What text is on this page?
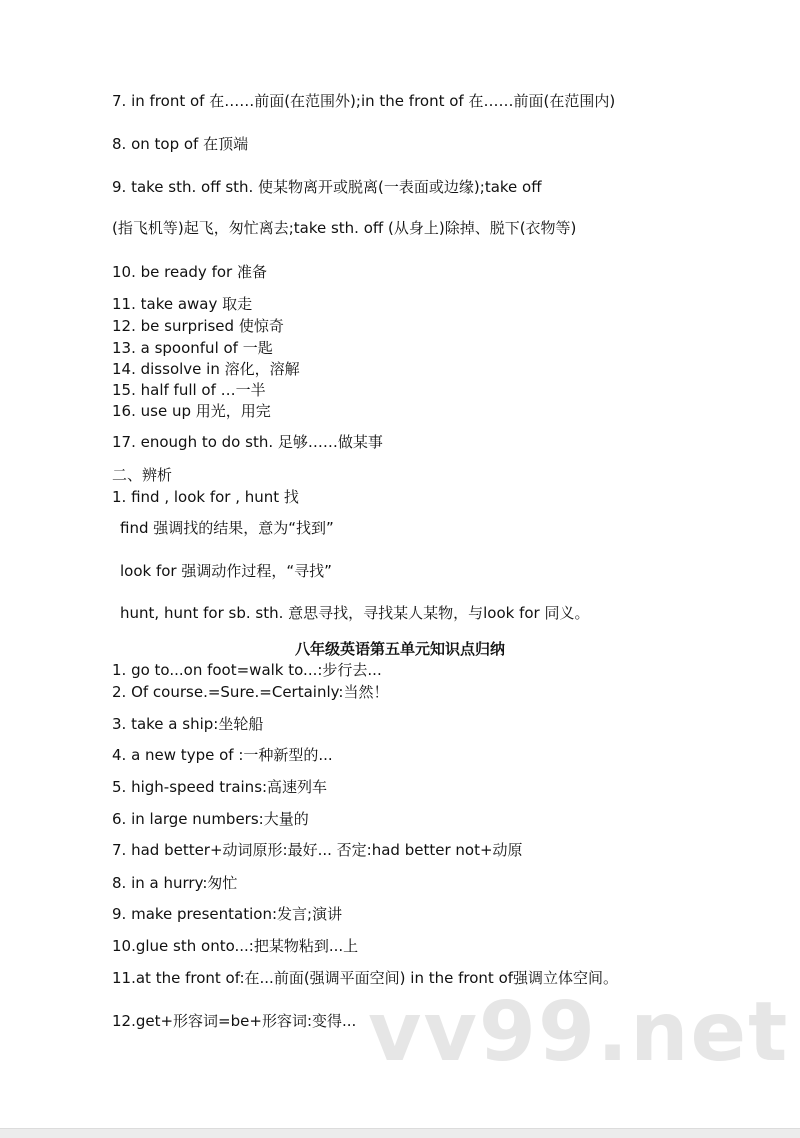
7. in front of 在……前面(在范围外);in the front of 在……前面(在范围内)
8. on top of 在顶端
9. take sth. off sth. 使某物离开或脱离(一表面或边缘);take off
(指飞机等)起飞，匆忙离去;take sth. off (从身上)除掉、脱下(衣物等)
10. be ready for 准备
11. take away 取走
12. be surprised 使惊奇
13. a spoonful of 一匙
14. dissolve in 溶化，溶解
15. half full of …一半
16. use up 用光，用完
17. enough to do sth. 足够……做某事
二、辨析
1. find , look for , hunt 找
find 强调找的结果，意为“找到”
look for 强调动作过程，“寻找”
hunt, hunt for sb. sth. 意思寻找，寻找某人某物，与look for 同义。
八年级英语第五单元知识点归纳
1. go to...on foot=walk to...:步行去...
2. Of course.=Sure.=Certainly:当然！
3. take a ship:坐轮船
4. a new type of :一种新型的...
5. high-speed trains:高速列车
6. in large numbers:大量的
7. had better+动词原形:最好... 否定:had better not+动原
8. in a hurry:匆忙
9. make presentation:发言;演讲
10.glue sth onto...:把某物粘到...上
11.at the front of:在...前面(强调平面空间) in the front of强调立体空间。
12.get+形容词=be+形容词:变得... vv99.net
